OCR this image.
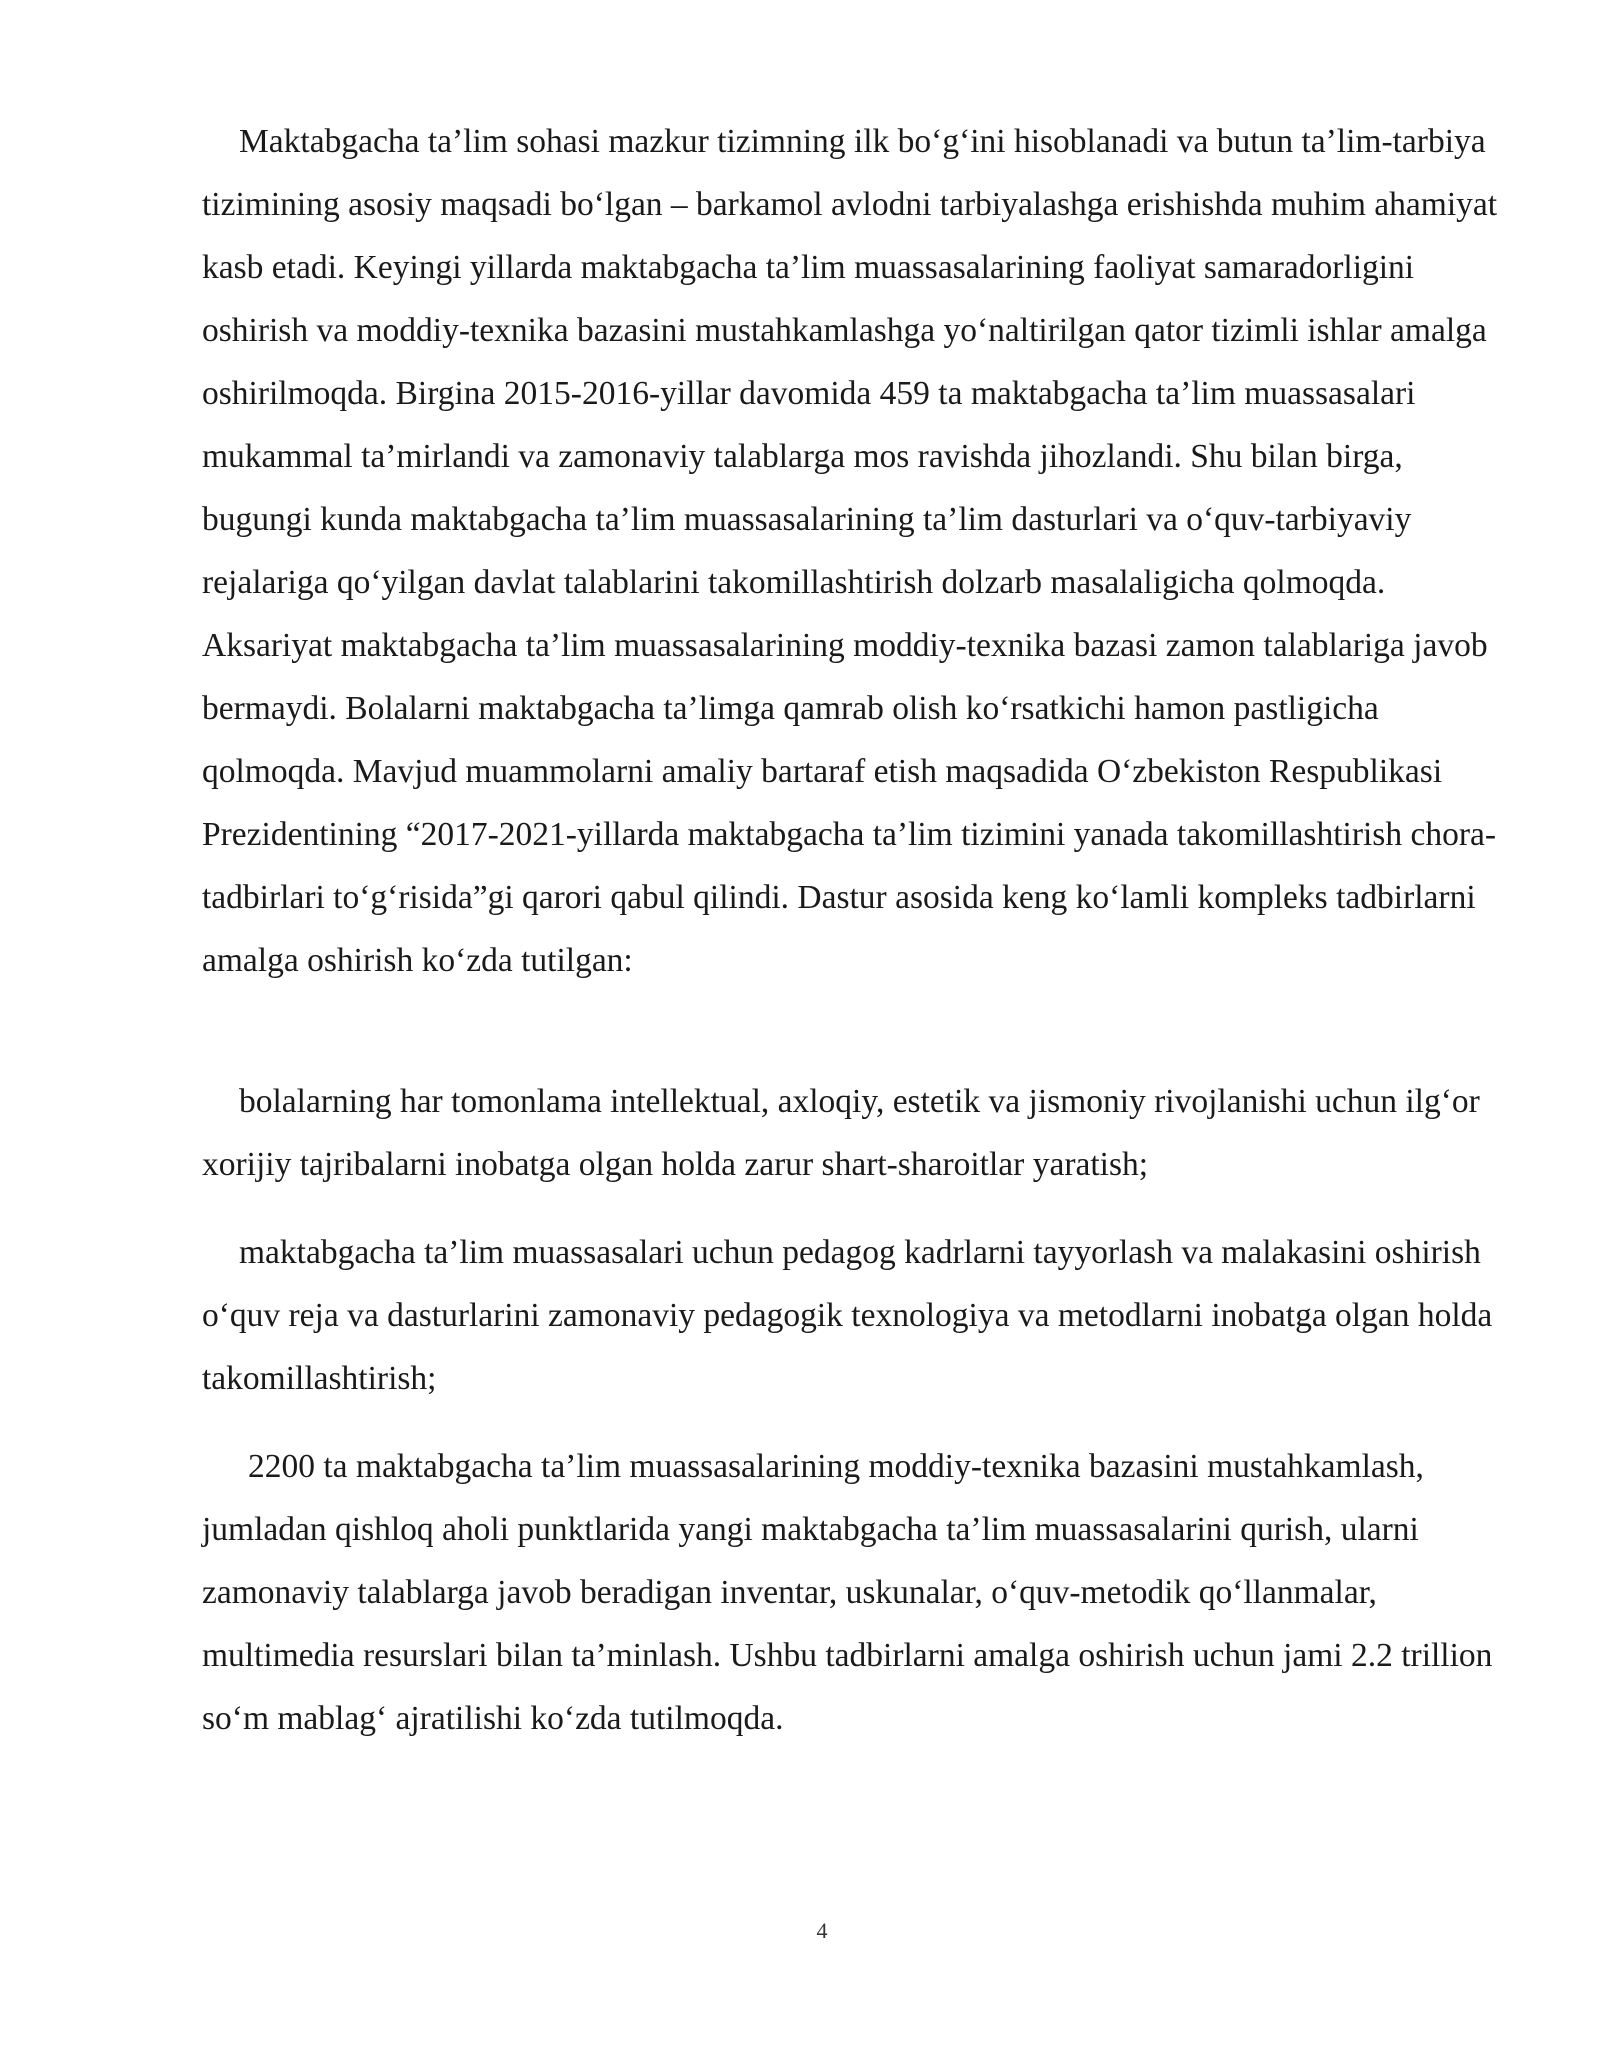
Maktabgacha ta’lim sohasi mazkur tizimning ilk bo‘g‘ini hisoblanadi va butun ta’lim-tarbiya tizimining asosiy maqsadi bo‘lgan – barkamol avlodni tarbiyalashga erishishda muhim ahamiyat kasb etadi. Keyingi yillarda maktabgacha ta’lim muassasalarining faoliyat samaradorligini oshirish va moddiy-texnika bazasini mustahkamlashga yo‘naltirilgan qator tizimli ishlar amalga oshirilmoqda. Birgina 2015-2016-yillar davomida 459 ta maktabgacha ta’lim muassasalari mukammal ta’mirlandi va zamonaviy talablarga mos ravishda jihozlandi. Shu bilan birga, bugungi kunda maktabgacha ta’lim muassasalarining ta’lim dasturlari va o‘quv-tarbiyaviy rejalariga qo‘yilgan davlat talablarini takomillashtirish dolzarb masalaligicha qolmoqda. Aksariyat maktabgacha ta’lim muassasalarining moddiy-texnika bazasi zamon talablariga javob bermaydi. Bolalarni maktabgacha ta’limga qamrab olish ko‘rsatkichi hamon pastligicha qolmoqda. Mavjud muammolarni amaliy bartaraf etish maqsadida O‘zbekiston Respublikasi Prezidentining “2017-2021-yillarda maktabgacha ta’lim tizimini yanada takomillashtirish chora-tadbirlari to‘g‘risida”gi qarori qabul qilindi. Dastur asosida keng ko‘lamli kompleks tadbirlarni amalga oshirish ko‘zda tutilgan:

bolalarning har tomonlama intellektual, axloqiy, estetik va jismoniy rivojlanishi uchun ilg‘or xorijiy tajribalarni inobatga olgan holda zarur shart-sharoitlar yaratish;

maktabgacha ta’lim muassasalari uchun pedagog kadrlarni tayyorlash va malakasini oshirish o‘quv reja va dasturlarini zamonaviy pedagogik texnologiya va metodlarni inobatga olgan holda takomillashtirish;

2200 ta maktabgacha ta’lim muassasalarining moddiy-texnika bazasini mustahkamlash, jumladan qishloq aholi punktlarida yangi maktabgacha ta’lim muassasalarini qurish, ularni zamonaviy talablarga javob beradigan inventar, uskunalar, o‘quv-metodik qo‘llanmalar, multimedia resurslari bilan ta’minlash. Ushbu tadbirlarni amalga oshirish uchun jami 2.2 trillion so‘m mablag‘ ajratilishi ko‘zda tutilmoqda.

4
